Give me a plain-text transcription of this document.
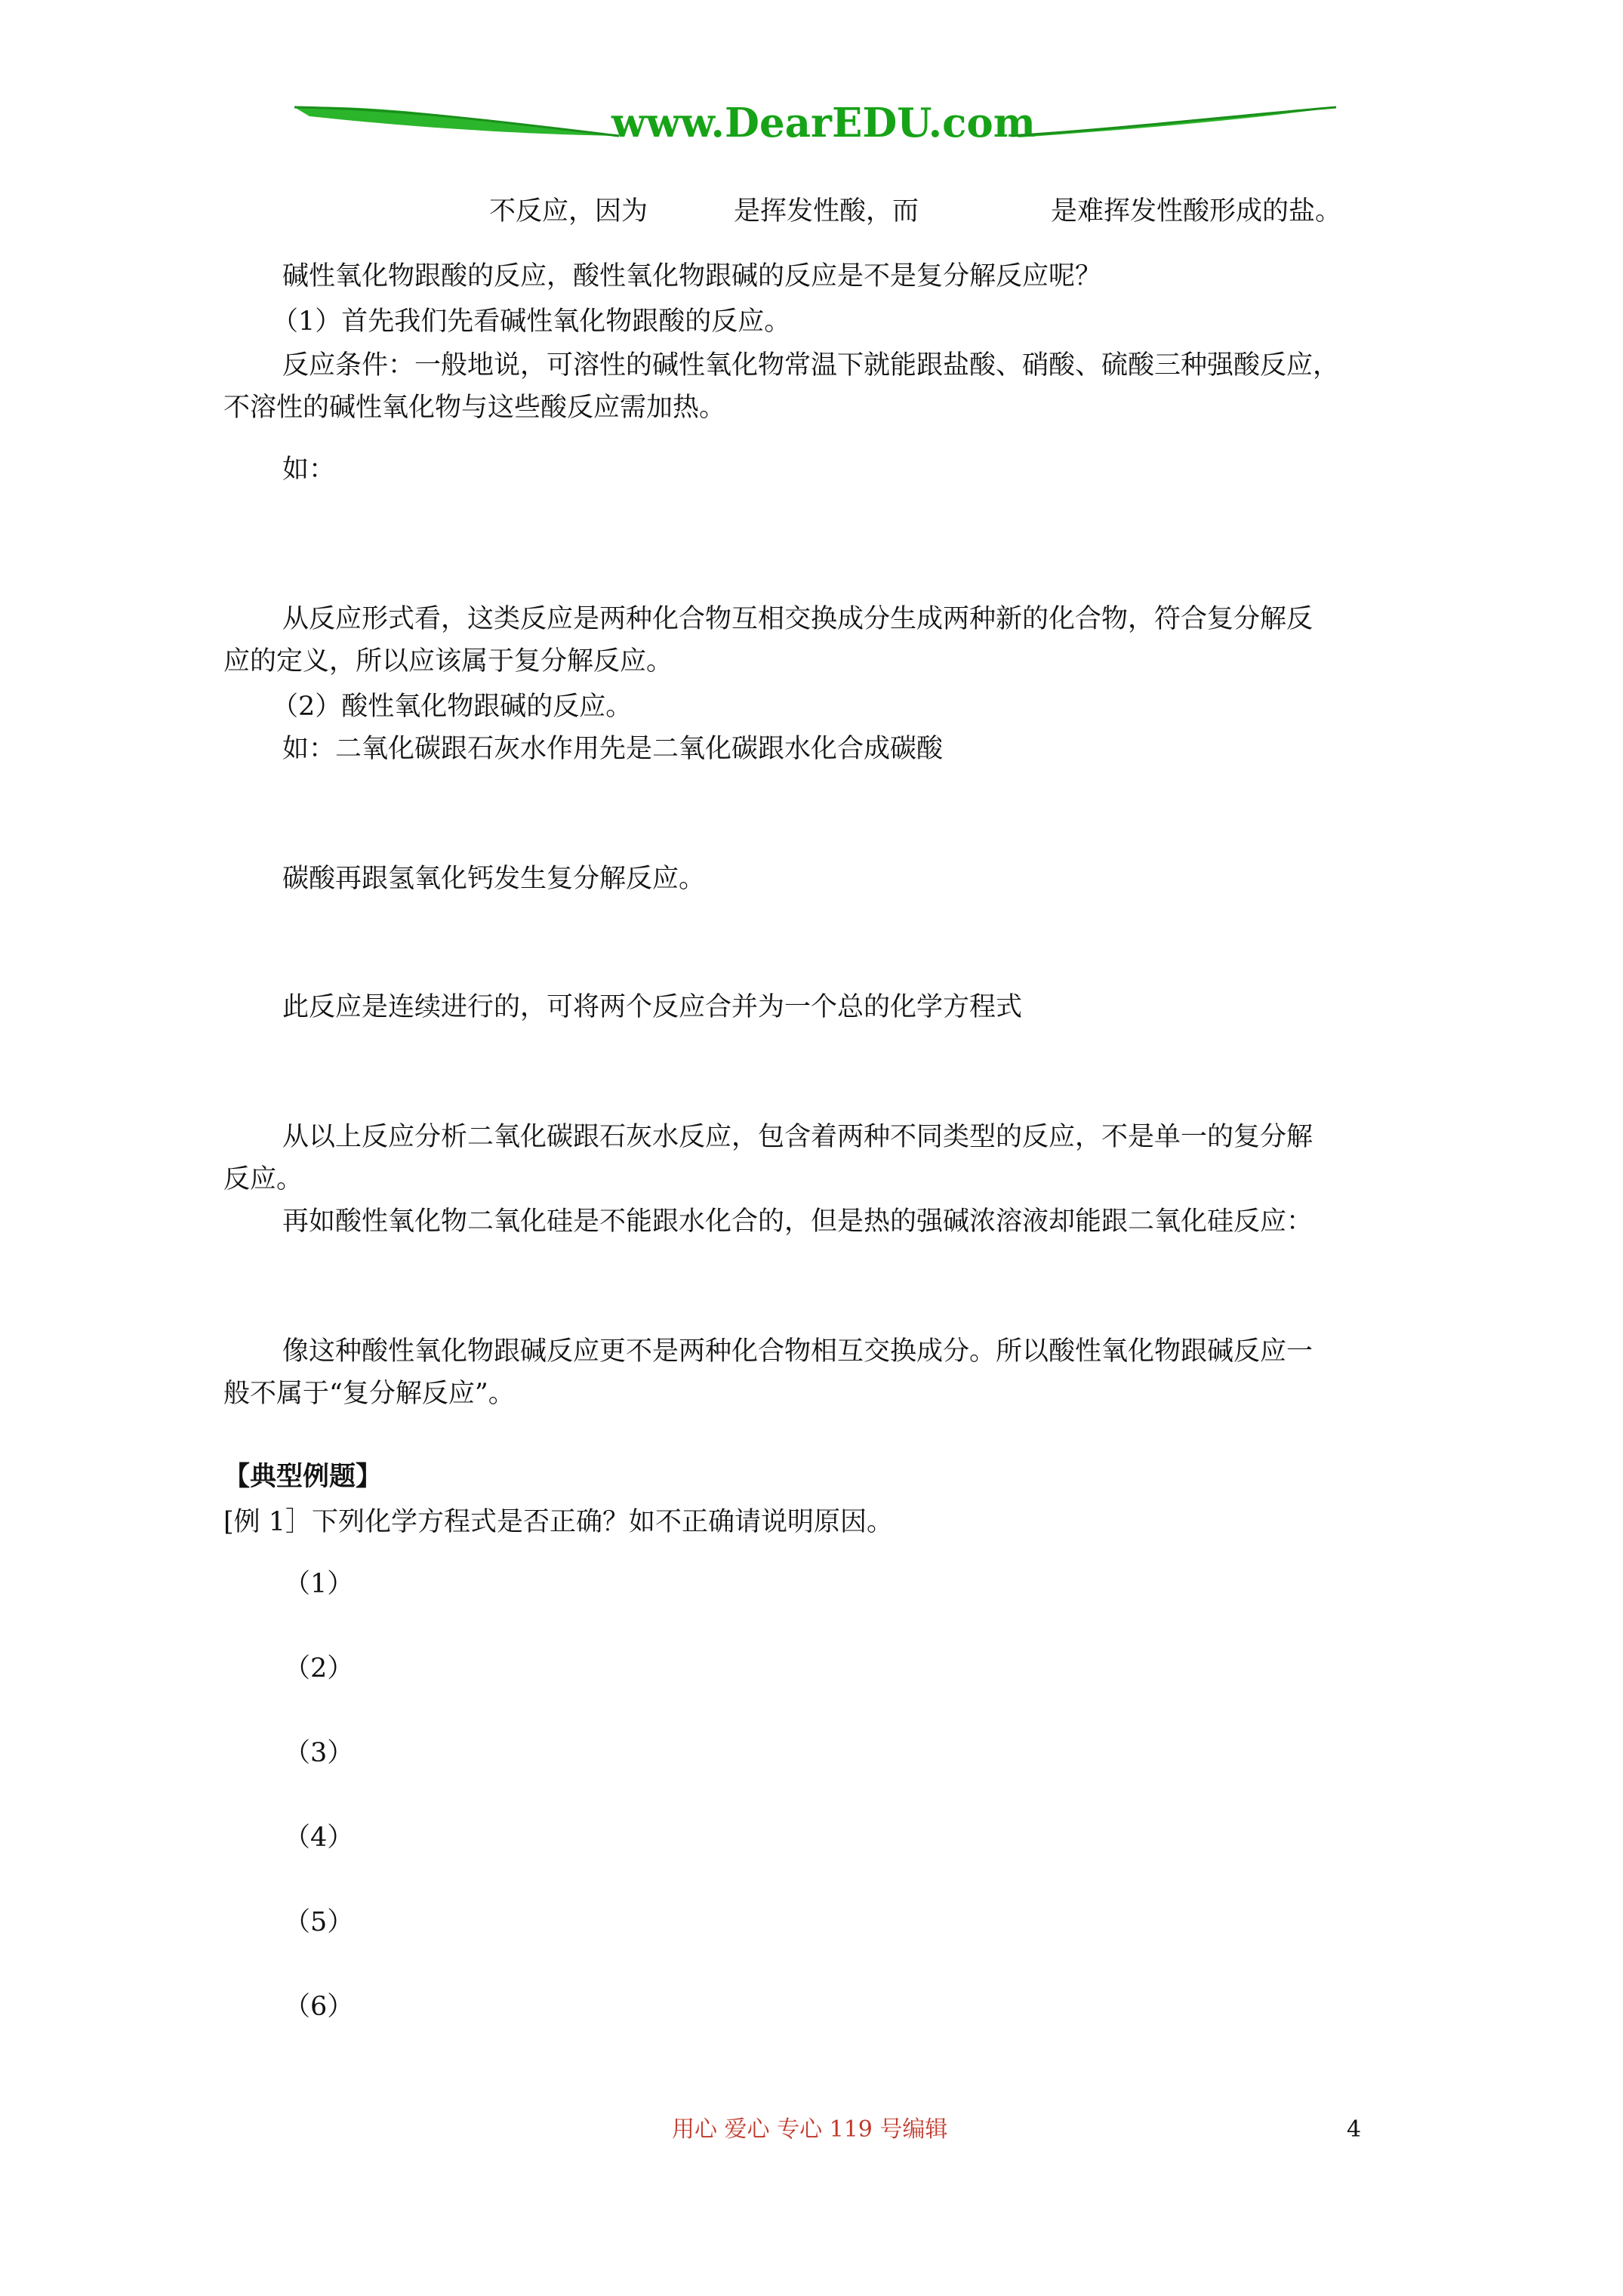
www.DearEDU.com
不反应，因为	是挥发性酸，而	是难挥发性酸形成的盐。
碱性氧化物跟酸的反应，酸性氧化物跟碱的反应是不是复分解反应呢？
（1）首先我们先看碱性氧化物跟酸的反应。
反应条件：一般地说，可溶性的碱性氧化物常温下就能跟盐酸、硝酸、硫酸三种强酸反应，
不溶性的碱性氧化物与这些酸反应需加热。
如：
从反应形式看，这类反应是两种化合物互相交换成分生成两种新的化合物，符合复分解反
应的定义，所以应该属于复分解反应。
（2）酸性氧化物跟碱的反应。
如：二氧化碳跟石灰水作用先是二氧化碳跟水化合成碳酸
碳酸再跟氢氧化钙发生复分解反应。
此反应是连续进行的，可将两个反应合并为一个总的化学方程式
从以上反应分析二氧化碳跟石灰水反应，包含着两种不同类型的反应，不是单一的复分解
反应。
再如酸性氧化物二氧化硅是不能跟水化合的，但是热的强碱浓溶液却能跟二氧化硅反应：
像这种酸性氧化物跟碱反应更不是两种化合物相互交换成分。所以酸性氧化物跟碱反应一
般不属于“复分解反应”。
【典型例题】
[例 1］下列化学方程式是否正确？如不正确请说明原因。
（1）
（2）
（3）
（4）
（5）
（6）
用心 爱心 专心 119 号编辑	4
